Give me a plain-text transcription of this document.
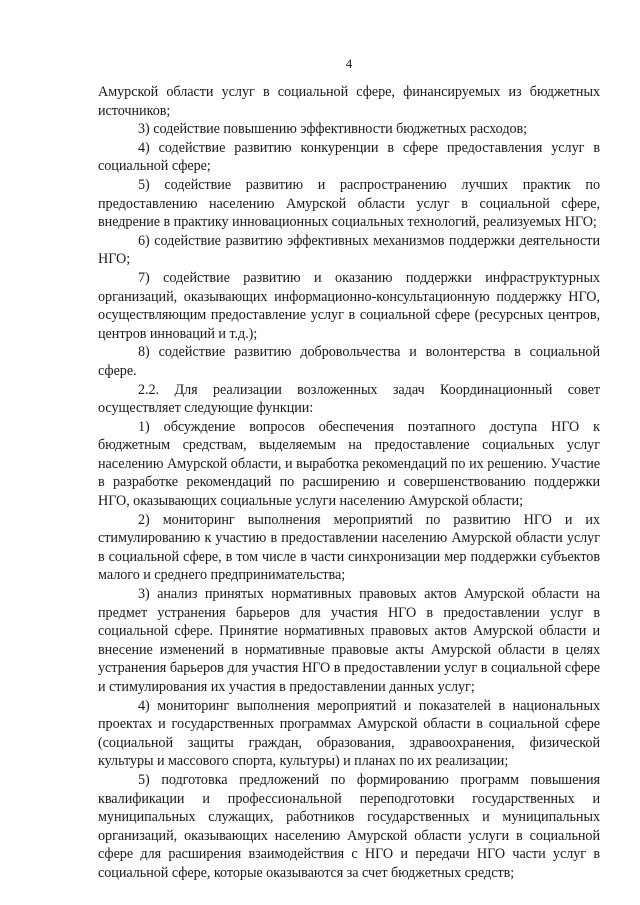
4

Амурской области услуг в социальной сфере, финансируемых из бюджетных источников;

3) содействие повышению эффективности бюджетных расходов;

4) содействие развитию конкуренции в сфере предоставления услуг в социальной сфере;

5) содействие развитию и распространению лучших практик по предоставлению населению Амурской области услуг в социальной сфере, внедрение в практику инновационных социальных технологий, реализуемых НГО;

6) содействие развитию эффективных механизмов поддержки деятельности НГО;

7) содействие развитию и оказанию поддержки инфраструктурных организаций, оказывающих информационно-консультационную поддержку НГО, осуществляющим предоставление услуг в социальной сфере (ресурсных центров, центров инноваций и т.д.);

8) содействие развитию добровольчества и волонтерства в социальной сфере.

2.2. Для реализации возложенных задач Координационный совет осуществляет следующие функции:

1) обсуждение вопросов обеспечения поэтапного доступа НГО к бюджетным средствам, выделяемым на предоставление социальных услуг населению Амурской области, и выработка рекомендаций по их решению. Участие в разработке рекомендаций по расширению и совершенствованию поддержки НГО, оказывающих социальные услуги населению Амурской области;

2) мониторинг выполнения мероприятий по развитию НГО и их стимулированию к участию в предоставлении населению Амурской области услуг в социальной сфере, в том числе в части синхронизации мер поддержки субъектов малого и среднего предпринимательства;

3) анализ принятых нормативных правовых актов Амурской области на предмет устранения барьеров для участия НГО в предоставлении услуг в социальной сфере. Принятие нормативных правовых актов Амурской области и внесение изменений в нормативные правовые акты Амурской области в целях устранения барьеров для участия НГО в предоставлении услуг в социальной сфере и стимулирования их участия в предоставлении данных услуг;

4) мониторинг выполнения мероприятий и показателей в национальных проектах и государственных программах Амурской области в социальной сфере (социальной защиты граждан, образования, здравоохранения, физической культуры и массового спорта, культуры) и планах по их реализации;

5) подготовка предложений по формированию программ повышения квалификации и профессиональной переподготовки государственных и муниципальных служащих, работников государственных и муниципальных организаций, оказывающих населению Амурской области услуги в социальной сфере для расширения взаимодействия с НГО и передачи НГО части услуг в социальной сфере, которые оказываются за счет бюджетных средств;
